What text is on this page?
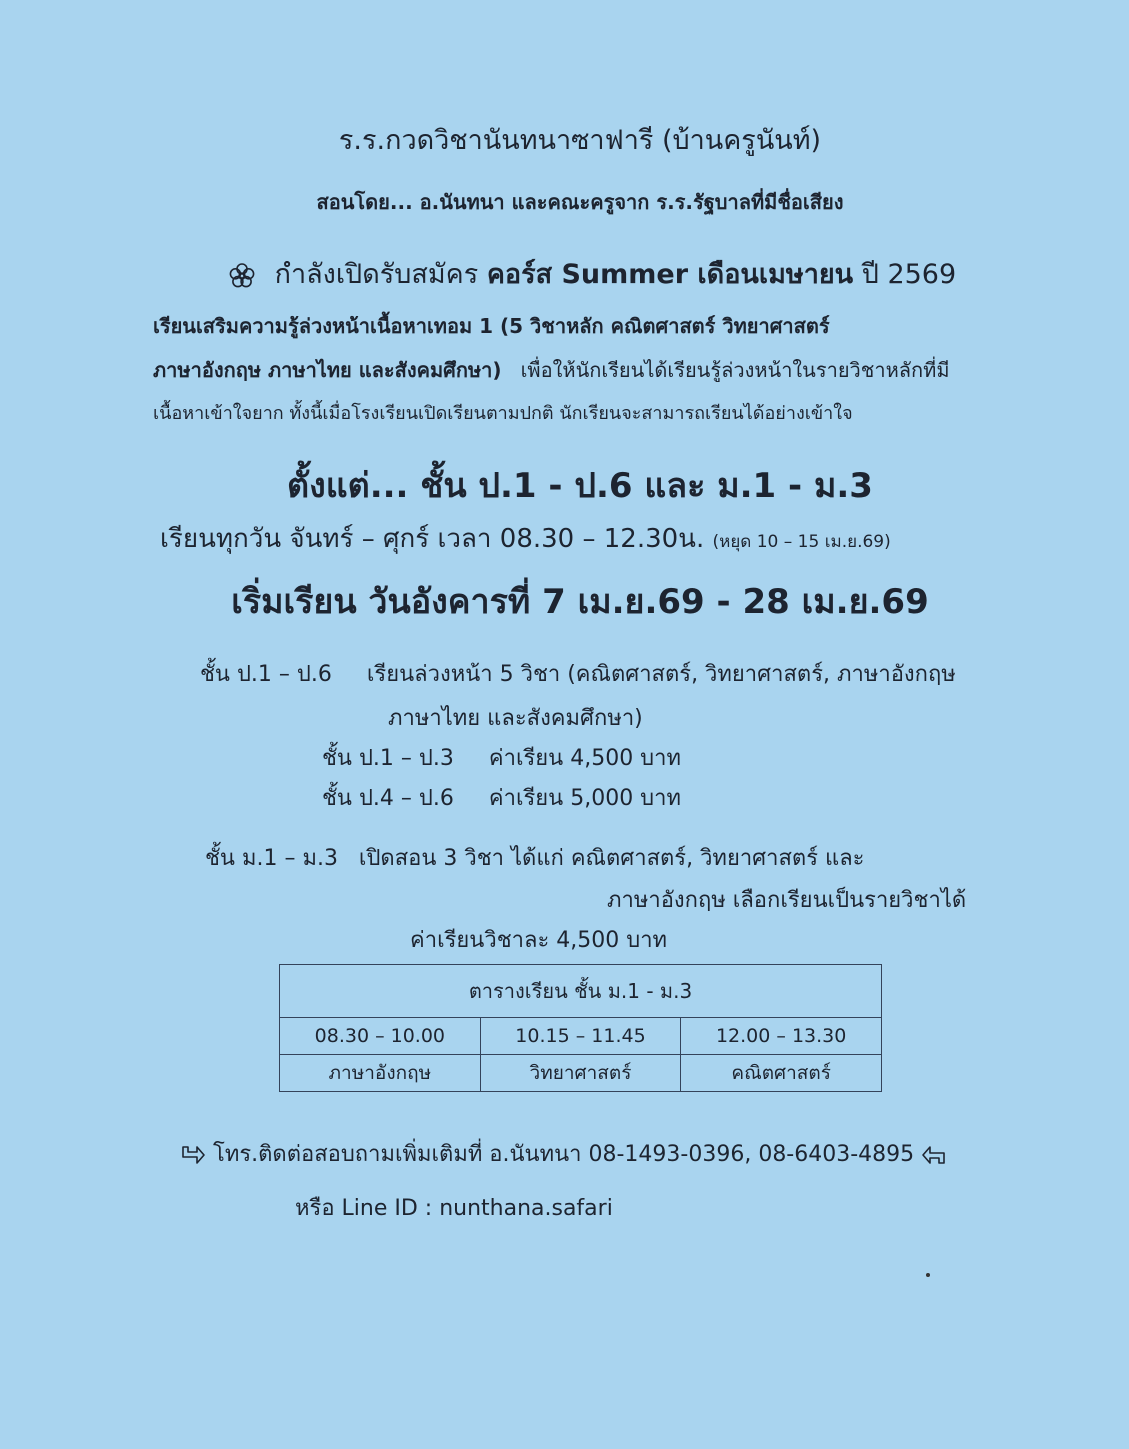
ร.ร.กวดวิชานันทนาซาฟารี (บ้านครูนันท์)
สอนโดย... อ.นันทนา และคณะครูจาก ร.ร.รัฐบาลที่มีชื่อเสียง
กำลังเปิดรับสมัคร คอร์ส Summer เดือนเมษายน ปี 2569
เรียนเสริมความรู้ล่วงหน้าเนื้อหาเทอม 1 (5 วิชาหลัก คณิตศาสตร์ วิทยาศาสตร์
ภาษาอังกฤษ ภาษาไทย และสังคมศึกษา) เพื่อให้นักเรียนได้เรียนรู้ล่วงหน้าในรายวิชาหลักที่มี
เนื้อหาเข้าใจยาก ทั้งนี้เมื่อโรงเรียนเปิดเรียนตามปกติ นักเรียนจะสามารถเรียนได้อย่างเข้าใจ
ตั้งแต่... ชั้น ป.1 - ป.6 และ ม.1 - ม.3
เรียนทุกวัน จันทร์ – ศุกร์ เวลา 08.30 – 12.30น. (หยุด 10 – 15 เม.ย.69)
เริ่มเรียน วันอังคารที่ 7 เม.ย.69 - 28 เม.ย.69
ชั้น ป.1 – ป.6 เรียนล่วงหน้า 5 วิชา (คณิตศาสตร์, วิทยาศาสตร์, ภาษาอังกฤษ
ภาษาไทย และสังคมศึกษา)
ชั้น ป.1 – ป.3 ค่าเรียน 4,500 บาท
ชั้น ป.4 – ป.6 ค่าเรียน 5,000 บาท
ชั้น ม.1 – ม.3 เปิดสอน 3 วิชา ได้แก่ คณิตศาสตร์, วิทยาศาสตร์ และ
ภาษาอังกฤษ เลือกเรียนเป็นรายวิชาได้
ค่าเรียนวิชาละ 4,500 บาท
ตารางเรียน ชั้น ม.1 - ม.3		
08.30 – 10.00	10.15 – 11.45	12.00 – 13.30
ภาษาอังกฤษ	วิทยาศาสตร์	คณิตศาสตร์
โทร.ติดต่อสอบถามเพิ่มเติมที่ อ.นันทนา 08-1493-0396, 08-6403-4895
หรือ Line ID : nunthana.safari
